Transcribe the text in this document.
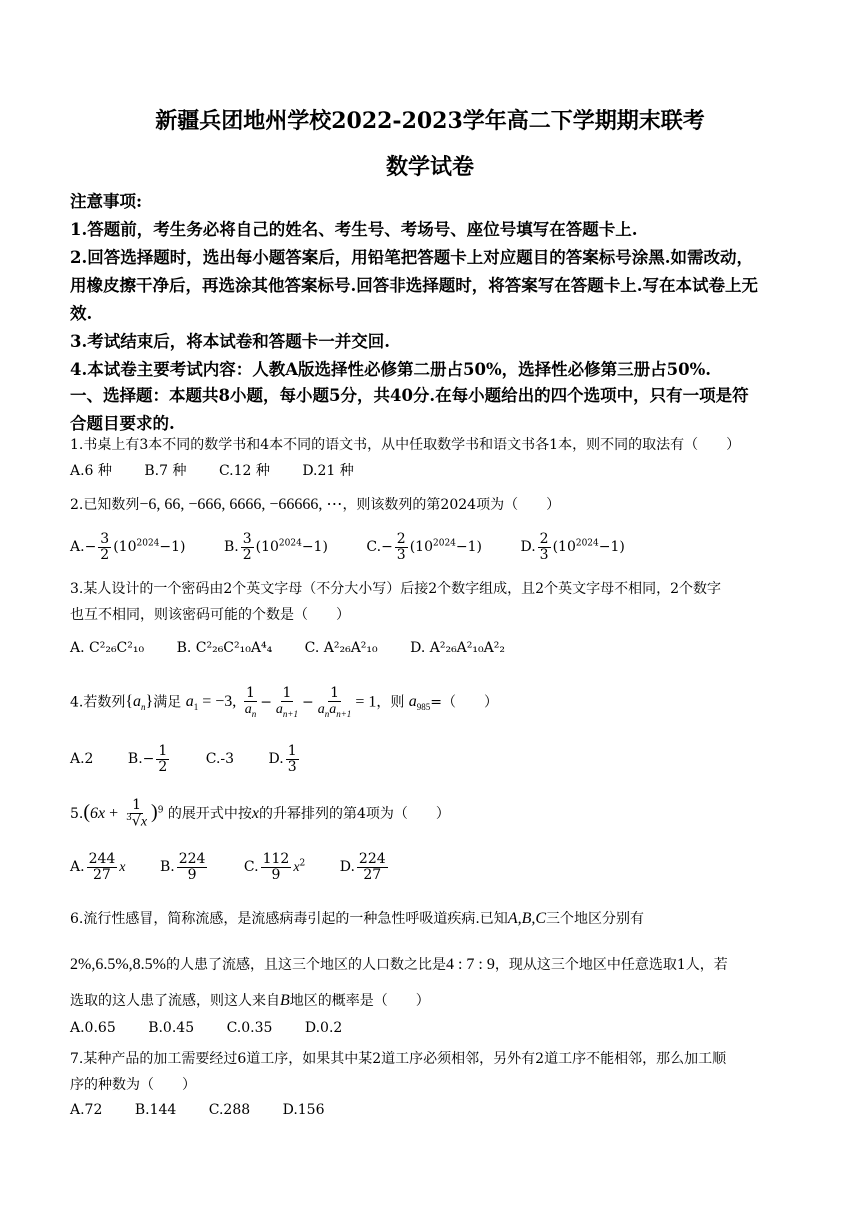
新疆兵团地州学校2022-2023学年高二下学期期末联考
数学试卷
注意事项:
1.答题前，考生务必将自己的姓名、考生号、考场号、座位号填写在答题卡上.
2.回答选择题时，选出每小题答案后，用铅笔把答题卡上对应题目的答案标号涂黑.如需改动，
用橡皮擦干净后，再选涂其他答案标号.回答非选择题时，将答案写在答题卡上.写在本试卷上无
效.
3.考试结束后，将本试卷和答题卡一并交回.
4.本试卷主要考试内容：人教A版选择性必修第二册占50%，选择性必修第三册占50%.
一、选择题：本题共8小题，每小题5分，共40分.在每小题给出的四个选项中，只有一项是符
合题目要求的.
1.书桌上有3本不同的数学书和4本不同的语文书，从中任取数学书和语文书各1本，则不同的取法有（　　）
A.6 种 B.7 种 C.12 种 D.21 种
2.已知数列−6, 66, −666, 6666, −66666, ⋯，则该数列的第2024项为（　　）
$A.- \frac{3}{2} (10^{2024}-1)$	B. $\frac{3}{2} (10^{2024}-1)$	$C.- \frac{2}{3} (10^{2024}-1)$	D. $\frac{2}{3} (10^{2024}-1)$
3.某人设计的一个密码由2个英文字母（不分大小写）后接2个数字组成，且2个英文字母不相同，2个数字
也互不相同，则该密码可能的个数是（　　）
A. C²₂₆C²₁₀ B. C²₂₆C²₁₀A⁴₄ C. A²₂₆A²₁₀ D. A²₂₆A²₁₀A²₂
4.若数列$\{a_n\}$满足 $a_1 = -3$, $\frac{1}{a_n} - \frac{1}{a_{n+1}} - \frac{1}{a_na_{n+1}} = 1$，则 $a_{985}=$（　　）
A.2 $B.- \frac{1}{2}$	C.-3 D. $\frac{1}{3}$
$5.(6x + \frac{1}{^3√x} )^9$ 的展开式中按x的升幂排列的第4项为（　　）
A. $\frac{244}{27}$ x B. $\frac{224}{9}$	C. $\frac{112}{9} x^2$ D. $\frac{224}{27}$
6.流行性感冒，简称流感，是流感病毒引起的一种急性呼吸道疾病.已知A,B,C三个地区分别有
2%,6.5%,8.5%的人患了流感，且这三个地区的人口数之比是4 : 7 : 9，现从这三个地区中任意选取1人，若
选取的这人患了流感，则这人来自B地区的概率是（　　）
A.0.65 B.0.45 C.0.35 D.0.2
7.某种产品的加工需要经过6道工序，如果其中某2道工序必须相邻，另外有2道工序不能相邻，那么加工顺
序的种数为（　　）
A.72 B.144 C.288 D.156
